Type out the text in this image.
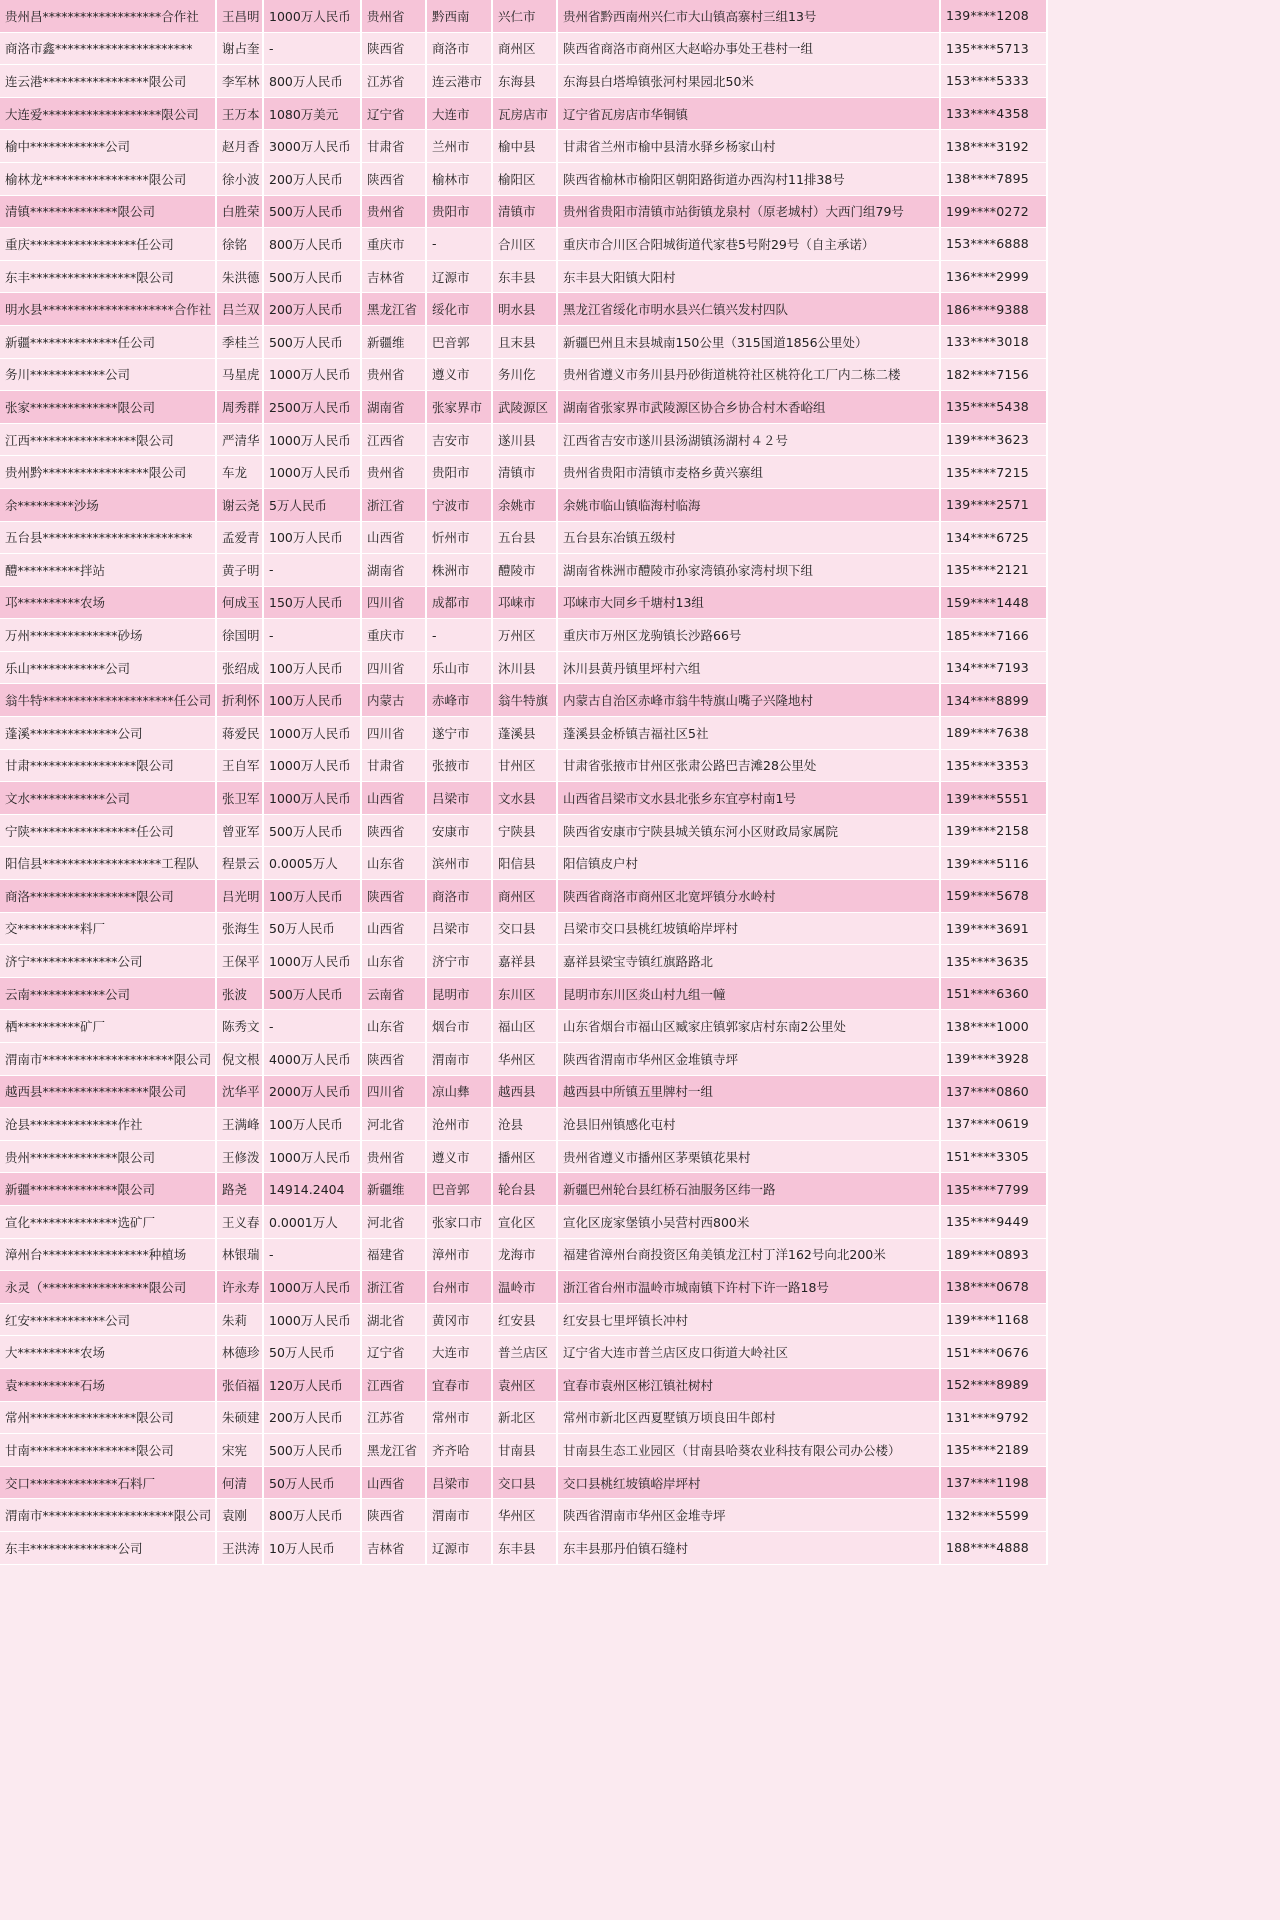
贵州昌*******************合作社	王昌明	1000万人民币	贵州省	黔西南	兴仁市	贵州省黔西南州兴仁市大山镇高寨村三组13号	139****1208
商洛市鑫**********************	谢占奎	-	陕西省	商洛市	商州区	陕西省商洛市商州区大赵峪办事处王巷村一组	135****5713
连云港*****************限公司	李军林	800万人民币	江苏省	连云港市	东海县	东海县白塔埠镇张河村果园北50米	153****5333
大连爱*******************限公司	王万本	1080万美元	辽宁省	大连市	瓦房店市	辽宁省瓦房店市华铜镇	133****4358
榆中************公司	赵月香	3000万人民币	甘肃省	兰州市	榆中县	甘肃省兰州市榆中县清水驿乡杨家山村	138****3192
榆林龙*****************限公司	徐小波	200万人民币	陕西省	榆林市	榆阳区	陕西省榆林市榆阳区朝阳路街道办西沟村11排38号	138****7895
清镇**************限公司	白胜荣	500万人民币	贵州省	贵阳市	清镇市	贵州省贵阳市清镇市站街镇龙泉村（原老城村）大西门组79号	199****0272
重庆*****************任公司	徐铭	800万人民币	重庆市	-	合川区	重庆市合川区合阳城街道代家巷5号附29号（自主承诺）	153****6888
东丰*****************限公司	朱洪德	500万人民币	吉林省	辽源市	东丰县	东丰县大阳镇大阳村	136****2999
明水县*********************合作社	吕兰双	200万人民币	黑龙江省	绥化市	明水县	黑龙江省绥化市明水县兴仁镇兴发村四队	186****9388
新疆**************任公司	季桂兰	500万人民币	新疆维	巴音郭	且末县	新疆巴州且末县城南150公里（315国道1856公里处）	133****3018
务川************公司	马星虎	1000万人民币	贵州省	遵义市	务川仡	贵州省遵义市务川县丹砂街道桃符社区桃符化工厂内二栋二楼	182****7156
张家**************限公司	周秀群	2500万人民币	湖南省	张家界市	武陵源区	湖南省张家界市武陵源区协合乡协合村木香峪组	135****5438
江西*****************限公司	严清华	1000万人民币	江西省	吉安市	遂川县	江西省吉安市遂川县汤湖镇汤湖村４２号	139****3623
贵州黔*****************限公司	车龙	1000万人民币	贵州省	贵阳市	清镇市	贵州省贵阳市清镇市麦格乡黄兴寨组	135****7215
余*********沙场	谢云尧	5万人民币	浙江省	宁波市	余姚市	余姚市临山镇临海村临海	139****2571
五台县************************	孟爱青	100万人民币	山西省	忻州市	五台县	五台县东冶镇五级村	134****6725
醴**********拌站	黄子明	-	湖南省	株洲市	醴陵市	湖南省株洲市醴陵市孙家湾镇孙家湾村坝下组	135****2121
邛**********农场	何成玉	150万人民币	四川省	成都市	邛崃市	邛崃市大同乡千塘村13组	159****1448
万州**************砂场	徐国明	-	重庆市	-	万州区	重庆市万州区龙驹镇长沙路66号	185****7166
乐山************公司	张绍成	100万人民币	四川省	乐山市	沐川县	沐川县黄丹镇里坪村六组	134****7193
翁牛特*********************任公司	折利怀	100万人民币	内蒙古	赤峰市	翁牛特旗	内蒙古自治区赤峰市翁牛特旗山嘴子兴隆地村	134****8899
蓬溪**************公司	蒋爱民	1000万人民币	四川省	遂宁市	蓬溪县	蓬溪县金桥镇吉福社区5社	189****7638
甘肃*****************限公司	王自军	1000万人民币	甘肃省	张掖市	甘州区	甘肃省张掖市甘州区张肃公路巴吉滩28公里处	135****3353
文水************公司	张卫军	1000万人民币	山西省	吕梁市	文水县	山西省吕梁市文水县北张乡东宜亭村南1号	139****5551
宁陕*****************任公司	曾亚军	500万人民币	陕西省	安康市	宁陕县	陕西省安康市宁陕县城关镇东河小区财政局家属院	139****2158
阳信县*******************工程队	程景云	0.0005万人	山东省	滨州市	阳信县	阳信镇皮户村	139****5116
商洛*****************限公司	吕光明	100万人民币	陕西省	商洛市	商州区	陕西省商洛市商州区北宽坪镇分水岭村	159****5678
交**********料厂	张海生	50万人民币	山西省	吕梁市	交口县	吕梁市交口县桃红坡镇峪岸坪村	139****3691
济宁**************公司	王保平	1000万人民币	山东省	济宁市	嘉祥县	嘉祥县梁宝寺镇红旗路路北	135****3635
云南************公司	张波	500万人民币	云南省	昆明市	东川区	昆明市东川区炎山村九组一幢	151****6360
栖**********矿厂	陈秀文	-	山东省	烟台市	福山区	山东省烟台市福山区臧家庄镇郭家店村东南2公里处	138****1000
渭南市*********************限公司	倪文根	4000万人民币	陕西省	渭南市	华州区	陕西省渭南市华州区金堆镇寺坪	139****3928
越西县*****************限公司	沈华平	2000万人民币	四川省	凉山彝	越西县	越西县中所镇五里牌村一组	137****0860
沧县**************作社	王满峰	100万人民币	河北省	沧州市	沧县	沧县旧州镇感化屯村	137****0619
贵州**************限公司	王修泼	1000万人民币	贵州省	遵义市	播州区	贵州省遵义市播州区茅栗镇花果村	151****3305
新疆**************限公司	路尧	14914.2404	新疆维	巴音郭	轮台县	新疆巴州轮台县红桥石油服务区纬一路	135****7799
宣化**************选矿厂	王义春	0.0001万人	河北省	张家口市	宣化区	宣化区庞家堡镇小吴营村西800米	135****9449
漳州台*****************种植场	林银瑞	-	福建省	漳州市	龙海市	福建省漳州台商投资区角美镇龙江村丁洋162号向北200米	189****0893
永灵（*****************限公司	许永寿	1000万人民币	浙江省	台州市	温岭市	浙江省台州市温岭市城南镇下许村下许一路18号	138****0678
红安************公司	朱莉	1000万人民币	湖北省	黄冈市	红安县	红安县七里坪镇长冲村	139****1168
大**********农场	林德珍	50万人民币	辽宁省	大连市	普兰店区	辽宁省大连市普兰店区皮口街道大岭社区	151****0676
袁**********石场	张佰福	120万人民币	江西省	宜春市	袁州区	宜春市袁州区彬江镇社树村	152****8989
常州*****************限公司	朱硕建	200万人民币	江苏省	常州市	新北区	常州市新北区西夏墅镇万顷良田牛郎村	131****9792
甘南*****************限公司	宋宪	500万人民币	黑龙江省	齐齐哈	甘南县	甘南县生态工业园区（甘南县哈葵农业科技有限公司办公楼）	135****2189
交口**************石料厂	何清	50万人民币	山西省	吕梁市	交口县	交口县桃红坡镇峪岸坪村	137****1198
渭南市*********************限公司	袁刚	800万人民币	陕西省	渭南市	华州区	陕西省渭南市华州区金堆寺坪	132****5599
东丰**************公司	王洪涛	10万人民币	吉林省	辽源市	东丰县	东丰县那丹伯镇石缝村	188****4888
